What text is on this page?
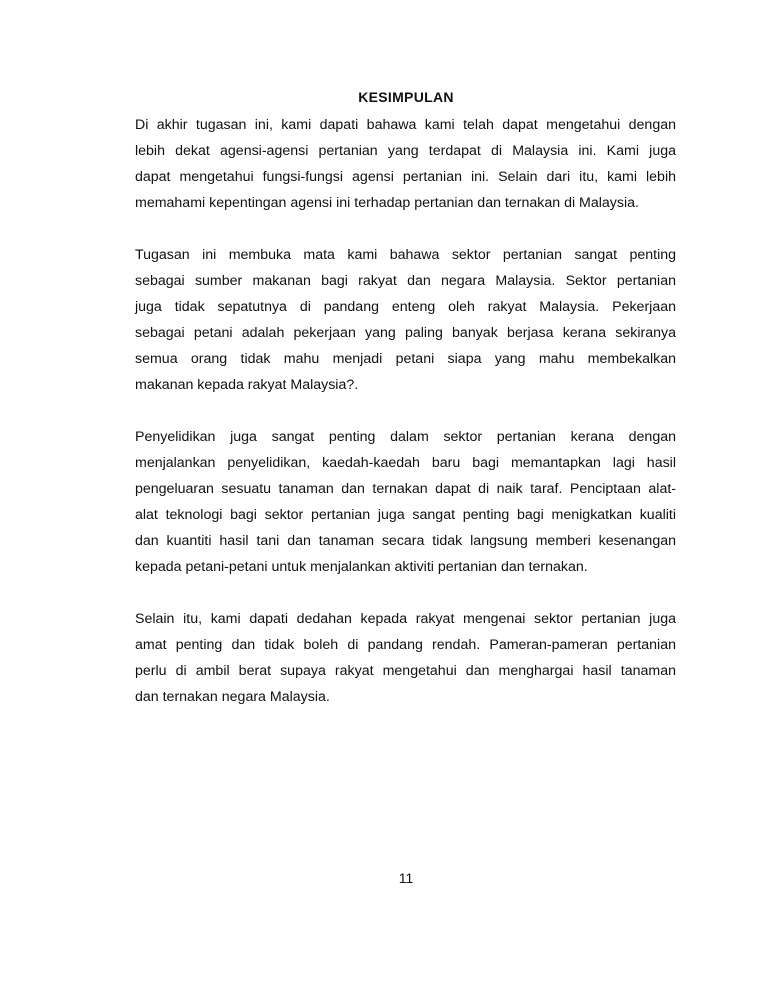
KESIMPULAN

Di akhir tugasan ini, kami dapati bahawa kami telah dapat mengetahui dengan
lebih dekat agensi-agensi pertanian yang terdapat di Malaysia ini. Kami juga
dapat mengetahui fungsi-fungsi agensi pertanian ini. Selain dari itu, kami lebih
memahami kepentingan agensi ini terhadap pertanian dan ternakan di Malaysia.

Tugasan ini membuka mata kami bahawa sektor pertanian sangat penting
sebagai sumber makanan bagi rakyat dan negara Malaysia. Sektor pertanian
juga tidak sepatutnya di pandang enteng oleh rakyat Malaysia. Pekerjaan
sebagai petani adalah pekerjaan yang paling banyak berjasa kerana sekiranya
semua orang tidak mahu menjadi petani siapa yang mahu membekalkan
makanan kepada rakyat Malaysia?.

Penyelidikan juga sangat penting dalam sektor pertanian kerana dengan
menjalankan penyelidikan, kaedah-kaedah baru bagi memantapkan lagi hasil
pengeluaran sesuatu tanaman dan ternakan dapat di naik taraf. Penciptaan alat-
alat teknologi bagi sektor pertanian juga sangat penting bagi menigkatkan kualiti
dan kuantiti hasil tani dan tanaman secara tidak langsung memberi kesenangan
kepada petani-petani untuk menjalankan aktiviti pertanian dan ternakan.

Selain itu, kami dapati dedahan kepada rakyat mengenai sektor pertanian juga
amat penting dan tidak boleh di pandang rendah. Pameran-pameran pertanian
perlu di ambil berat supaya rakyat mengetahui dan menghargai hasil tanaman
dan ternakan negara Malaysia.

11
